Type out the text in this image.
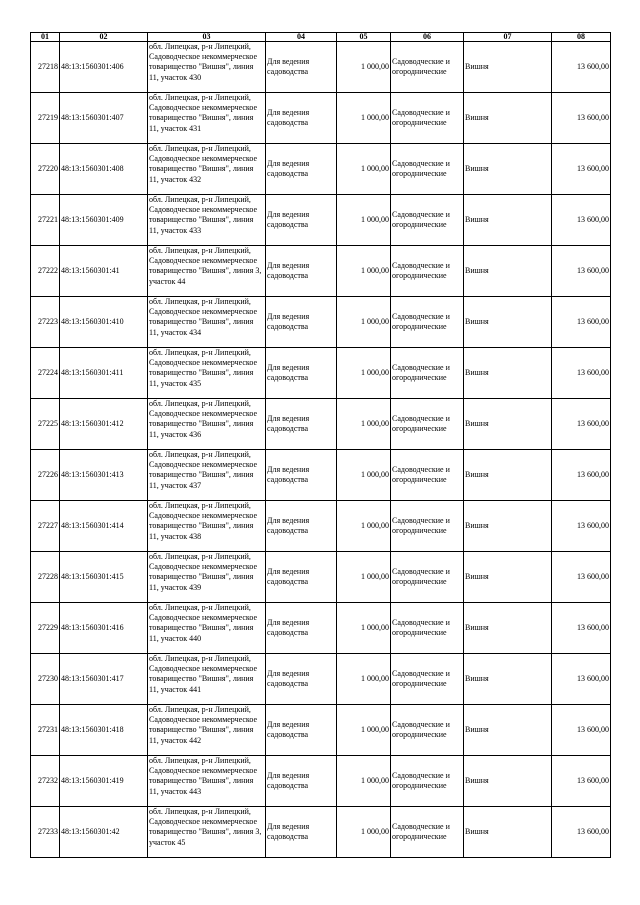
01	02	03	04	05	06	07	08
27218	48:13:1560301:406	обл. Липецкая, р-н Липецкий, Садоводческое некоммерческое товарищество "Вишня", линия 11, участок 430	Для ведения садоводства	1 000,00	Садоводческие и огороднические	Вишня	13 600,00
27219	48:13:1560301:407	обл. Липецкая, р-н Липецкий, Садоводческое некоммерческое товарищество "Вишня", линия 11, участок 431	Для ведения садоводства	1 000,00	Садоводческие и огороднические	Вишня	13 600,00
27220	48:13:1560301:408	обл. Липецкая, р-н Липецкий, Садоводческое некоммерческое товарищество "Вишня", линия 11, участок 432	Для ведения садоводства	1 000,00	Садоводческие и огороднические	Вишня	13 600,00
27221	48:13:1560301:409	обл. Липецкая, р-н Липецкий, Садоводческое некоммерческое товарищество "Вишня", линия 11, участок 433	Для ведения садоводства	1 000,00	Садоводческие и огороднические	Вишня	13 600,00
27222	48:13:1560301:41	обл. Липецкая, р-н Липецкий, Садоводческое некоммерческое товарищество "Вишня", линия 3, участок 44	Для ведения садоводства	1 000,00	Садоводческие и огороднические	Вишня	13 600,00
27223	48:13:1560301:410	обл. Липецкая, р-н Липецкий, Садоводческое некоммерческое товарищество "Вишня", линия 11, участок 434	Для ведения садоводства	1 000,00	Садоводческие и огороднические	Вишня	13 600,00
27224	48:13:1560301:411	обл. Липецкая, р-н Липецкий, Садоводческое некоммерческое товарищество "Вишня", линия 11, участок 435	Для ведения садоводства	1 000,00	Садоводческие и огороднические	Вишня	13 600,00
27225	48:13:1560301:412	обл. Липецкая, р-н Липецкий, Садоводческое некоммерческое товарищество "Вишня", линия 11, участок 436	Для ведения садоводства	1 000,00	Садоводческие и огороднические	Вишня	13 600,00
27226	48:13:1560301:413	обл. Липецкая, р-н Липецкий, Садоводческое некоммерческое товарищество "Вишня", линия 11, участок 437	Для ведения садоводства	1 000,00	Садоводческие и огороднические	Вишня	13 600,00
27227	48:13:1560301:414	обл. Липецкая, р-н Липецкий, Садоводческое некоммерческое товарищество "Вишня", линия 11, участок 438	Для ведения садоводства	1 000,00	Садоводческие и огороднические	Вишня	13 600,00
27228	48:13:1560301:415	обл. Липецкая, р-н Липецкий, Садоводческое некоммерческое товарищество "Вишня", линия 11, участок 439	Для ведения садоводства	1 000,00	Садоводческие и огороднические	Вишня	13 600,00
27229	48:13:1560301:416	обл. Липецкая, р-н Липецкий, Садоводческое некоммерческое товарищество "Вишня", линия 11, участок 440	Для ведения садоводства	1 000,00	Садоводческие и огороднические	Вишня	13 600,00
27230	48:13:1560301:417	обл. Липецкая, р-н Липецкий, Садоводческое некоммерческое товарищество "Вишня", линия 11, участок 441	Для ведения садоводства	1 000,00	Садоводческие и огороднические	Вишня	13 600,00
27231	48:13:1560301:418	обл. Липецкая, р-н Липецкий, Садоводческое некоммерческое товарищество "Вишня", линия 11, участок 442	Для ведения садоводства	1 000,00	Садоводческие и огороднические	Вишня	13 600,00
27232	48:13:1560301:419	обл. Липецкая, р-н Липецкий, Садоводческое некоммерческое товарищество "Вишня", линия 11, участок 443	Для ведения садоводства	1 000,00	Садоводческие и огороднические	Вишня	13 600,00
27233	48:13:1560301:42	обл. Липецкая, р-н Липецкий, Садоводческое некоммерческое товарищество "Вишня", линия 3, участок 45	Для ведения садоводства	1 000,00	Садоводческие и огороднические	Вишня	13 600,00
